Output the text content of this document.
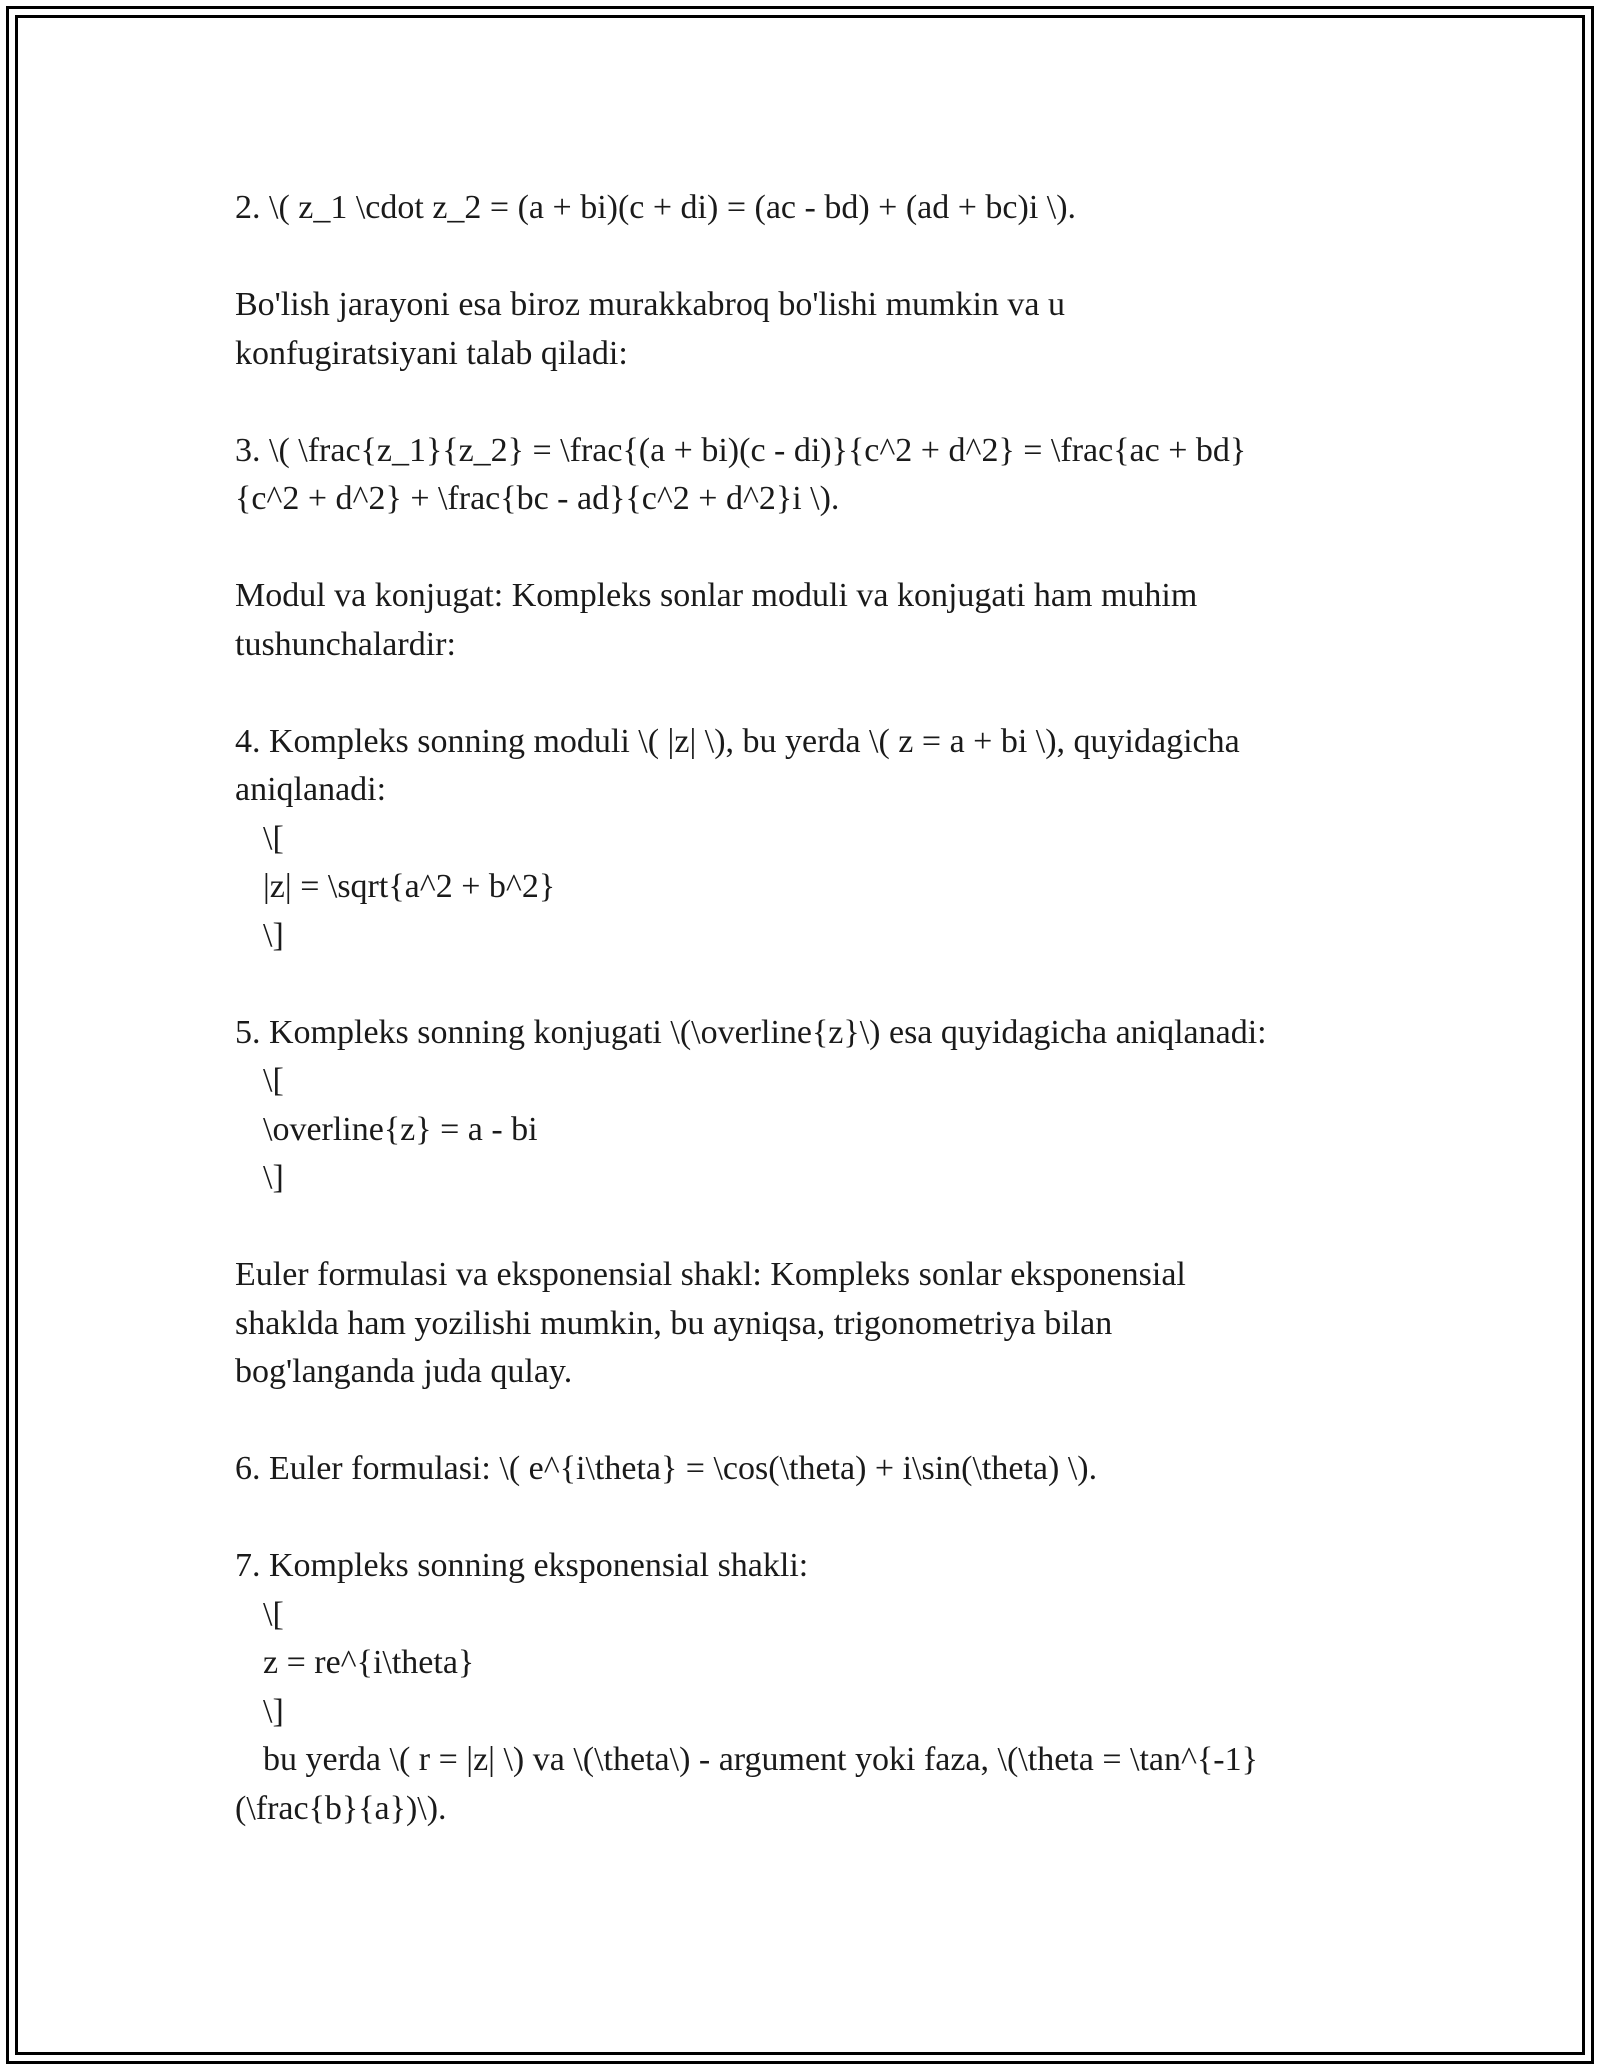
2. \( z_1 \cdot z_2 = (a + bi)(c + di) = (ac - bd) + (ad + bc)i \).
Bo'lish jarayoni esa biroz murakkabroq bo'lishi mumkin va u
konfugiratsiyani talab qiladi:
3. \( \frac{z_1}{z_2} = \frac{(a + bi)(c - di)}{c^2 + d^2} = \frac{ac + bd}
{c^2 + d^2} + \frac{bc - ad}{c^2 + d^2}i \).
Modul va konjugat: Kompleks sonlar moduli va konjugati ham muhim
tushunchalardir:
4. Kompleks sonning moduli \( |z| \), bu yerda \( z = a + bi \), quyidagicha
aniqlanadi:
\[
|z| = \sqrt{a^2 + b^2}
\]
5. Kompleks sonning konjugati \(\overline{z}\) esa quyidagicha aniqlanadi:
\[
\overline{z} = a - bi
\]
Euler formulasi va eksponensial shakl: Kompleks sonlar eksponensial
shaklda ham yozilishi mumkin, bu ayniqsa, trigonometriya bilan
bog'langanda juda qulay.
6. Euler formulasi: \( e^{i\theta} = \cos(\theta) + i\sin(\theta) \).
7. Kompleks sonning eksponensial shakli:
\[
z = re^{i\theta}
\]
bu yerda \( r = |z| \) va \(\theta\) - argument yoki faza, \(\theta = \tan^{-1}
(\frac{b}{a})\).
